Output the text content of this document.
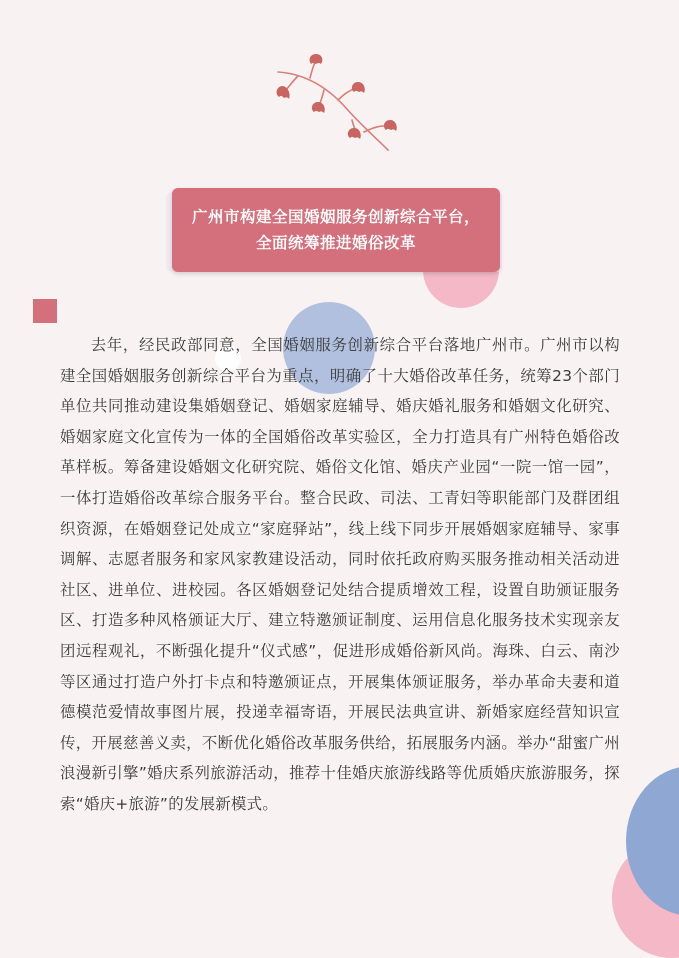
广州市构建全国婚姻服务创新综合平台，
全面统筹推进婚俗改革

去年，经民政部同意，全国婚姻服务创新综合平台落地广州市。广州市以构建全国婚姻服务创新综合平台为重点，明确了十大婚俗改革任务，统筹23个部门单位共同推动建设集婚姻登记、婚姻家庭辅导、婚庆婚礼服务和婚姻文化研究、婚姻家庭文化宣传为一体的全国婚俗改革实验区，全力打造具有广州特色婚俗改革样板。筹备建设婚姻文化研究院、婚俗文化馆、婚庆产业园“一院一馆一园”，一体打造婚俗改革综合服务平台。整合民政、司法、工青妇等职能部门及群团组织资源，在婚姻登记处成立“家庭驿站”，线上线下同步开展婚姻家庭辅导、家事调解、志愿者服务和家风家教建设活动，同时依托政府购买服务推动相关活动进社区、进单位、进校园。各区婚姻登记处结合提质增效工程，设置自助颁证服务区、打造多种风格颁证大厅、建立特邀颁证制度、运用信息化服务技术实现亲友团远程观礼，不断强化提升“仪式感”，促进形成婚俗新风尚。海珠、白云、南沙等区通过打造户外打卡点和特邀颁证点，开展集体颁证服务，举办革命夫妻和道德模范爱情故事图片展，投递幸福寄语，开展民法典宣讲、新婚家庭经营知识宣传，开展慈善义卖，不断优化婚俗改革服务供给，拓展服务内涵。举办“甜蜜广州 浪漫新引擎”婚庆系列旅游活动，推荐十佳婚庆旅游线路等优质婚庆旅游服务，探索“婚庆+旅游”的发展新模式。
